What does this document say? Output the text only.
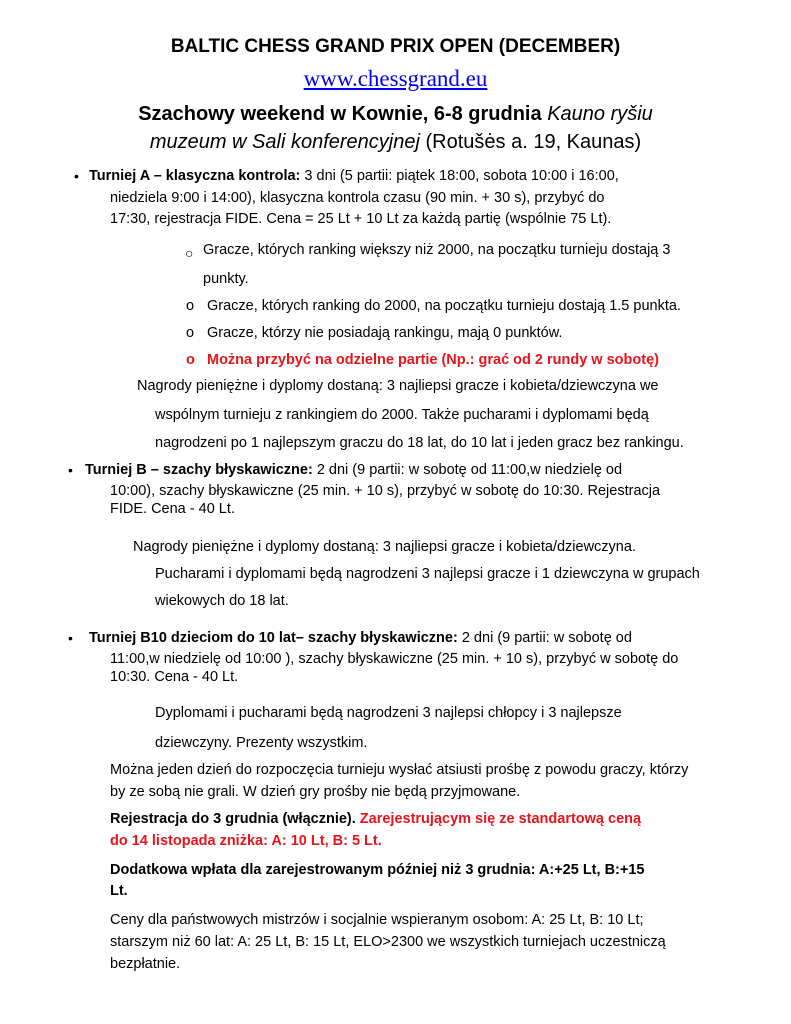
BALTIC CHESS GRAND PRIX OPEN (DECEMBER)
www.chessgrand.eu
Szachowy weekend w Kownie, 6-8 grudnia Kauno ryšiu
muzeum w Sali konferencyjnej (Rotušės a. 19, Kaunas)
• Turniej A – klasyczna kontrola: 3 dni (5 partii: piątek 18:00, sobota 10:00 i 16:00,
niedziela 9:00 i 14:00), klasyczna kontrola czasu (90 min. + 30 s), przybyć do
17:30, rejestracja FIDE. Cena = 25 Lt + 10 Lt za każdą partię (wspólnie 75 Lt).
○ Gracze, których ranking większy niż 2000, na początku turnieju dostają 3
punkty.
o Gracze, których ranking do 2000, na początku turnieju dostają 1.5 punkta.
o Gracze, którzy nie posiadają rankingu, mają 0 punktów.
o Można przybyć na odzielne partie (Np.: grać od 2 rundy w sobotę)
Nagrody pieniężne i dyplomy dostaną: 3 najliepsi gracze i kobieta/dziewczyna we
wspólnym turnieju z rankingiem do 2000. Także pucharami i dyplomami będą
nagrodzeni po 1 najlepszym graczu do 18 lat, do 10 lat i jeden gracz bez rankingu.
• Turniej B – szachy błyskawiczne: 2 dni (9 partii: w sobotę od 11:00,w niedzielę od
10:00), szachy błyskawiczne (25 min. + 10 s), przybyć w sobotę do 10:30. Rejestracja
FIDE. Cena - 40 Lt.
Nagrody pieniężne i dyplomy dostaną: 3 najliepsi gracze i kobieta/dziewczyna.
Pucharami i dyplomami będą nagrodzeni 3 najlepsi gracze i 1 dziewczyna w grupach
wiekowych do 18 lat.
• Turniej B10 dzieciom do 10 lat– szachy błyskawiczne: 2 dni (9 partii: w sobotę od
11:00,w niedzielę od 10:00 ), szachy błyskawiczne (25 min. + 10 s), przybyć w sobotę do
10:30. Cena - 40 Lt.
Dyplomami i pucharami będą nagrodzeni 3 najlepsi chłopcy i 3 najlepsze
dziewczyny. Prezenty wszystkim.
Można jeden dzień do rozpoczęcia turnieju wysłać atsiusti prośbę z powodu graczy, którzy
by ze sobą nie grali. W dzień gry prośby nie będą przyjmowane.
Rejestracja do 3 grudnia (włącznie). Zarejestrującym się ze standartową ceną
do 14 listopada zniżka: A: 10 Lt, B: 5 Lt.
Dodatkowa wpłata dla zarejestrowanym później niż 3 grudnia: A:+25 Lt, B:+15
Lt.
Ceny dla państwowych mistrzów i socjalnie wspieranym osobom: A: 25 Lt, B: 10 Lt;
starszym niż 60 lat: A: 25 Lt, B: 15 Lt, ELO>2300 we wszystkich turniejach uczestniczą
bezpłatnie.
